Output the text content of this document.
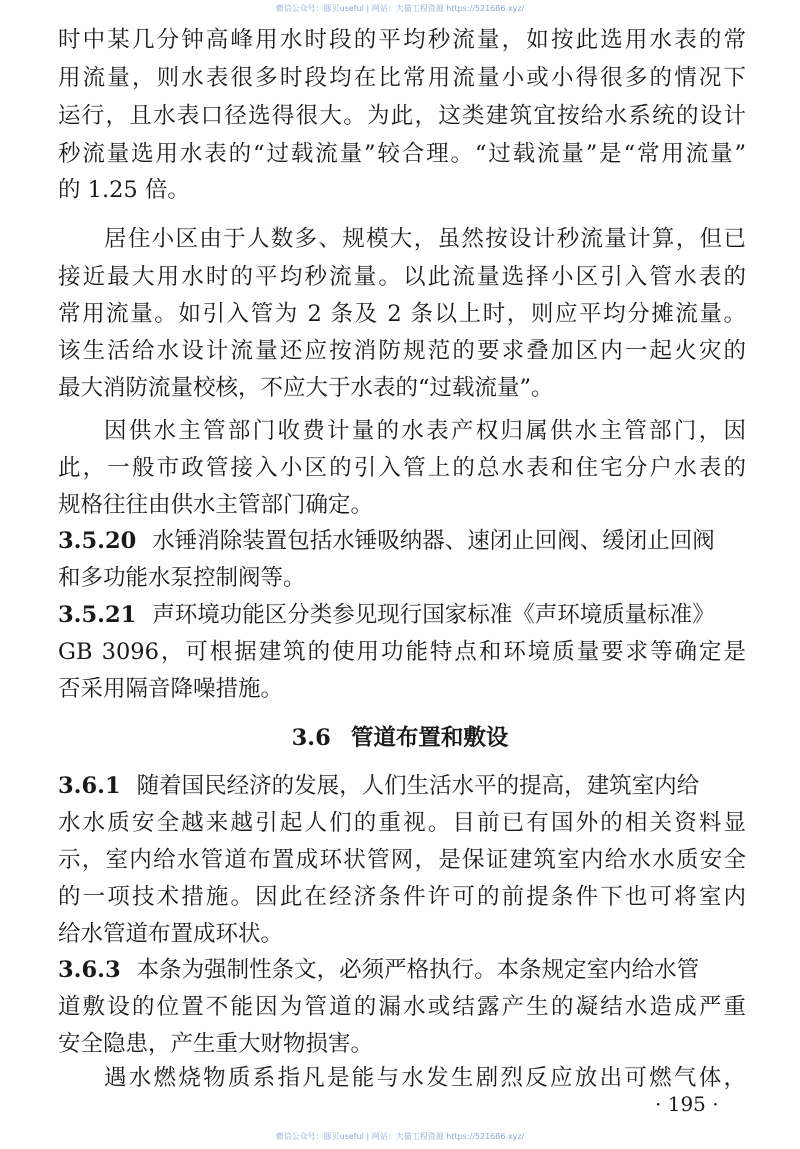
微信公众号：豚贝useful | 网站：大猫工程资源 https://521686.xyz/
时中某几分钟高峰用水时段的平均秒流量，如按此选用水表的常
用流量，则水表很多时段均在比常用流量小或小得很多的情况下
运行，且水表口径选得很大。为此，这类建筑宜按给水系统的设计
秒流量选用水表的“过载流量”较合理。“过载流量”是“常用流量”
的 1.25 倍。
居住小区由于人数多、规模大，虽然按设计秒流量计算，但已
接近最大用水时的平均秒流量。以此流量选择小区引入管水表的
常用流量。如引入管为 2 条及 2 条以上时，则应平均分摊流量。
该生活给水设计流量还应按消防规范的要求叠加区内一起火灾的
最大消防流量校核，不应大于水表的“过载流量”。
因供水主管部门收费计量的水表产权归属供水主管部门，因
此，一般市政管接入小区的引入管上的总水表和住宅分户水表的
规格往往由供水主管部门确定。
3.5.20 水锤消除装置包括水锤吸纳器、速闭止回阀、缓闭止回阀
和多功能水泵控制阀等。
3.5.21 声环境功能区分类参见现行国家标准《声环境质量标准》
GB 3096，可根据建筑的使用功能特点和环境质量要求等确定是
否采用隔音降噪措施。
3.6 管道布置和敷设
3.6.1 随着国民经济的发展，人们生活水平的提高，建筑室内给
水水质安全越来越引起人们的重视。目前已有国外的相关资料显
示，室内给水管道布置成环状管网，是保证建筑室内给水水质安全
的一项技术措施。因此在经济条件许可的前提条件下也可将室内
给水管道布置成环状。
3.6.3 本条为强制性条文，必须严格执行。本条规定室内给水管
道敷设的位置不能因为管道的漏水或结露产生的凝结水造成严重
安全隐患，产生重大财物损害。
遇水燃烧物质系指凡是能与水发生剧烈反应放出可燃气体，
· 195 ·
微信公众号：豚贝useful | 网站：大猫工程资源 https://521686.xyz/
